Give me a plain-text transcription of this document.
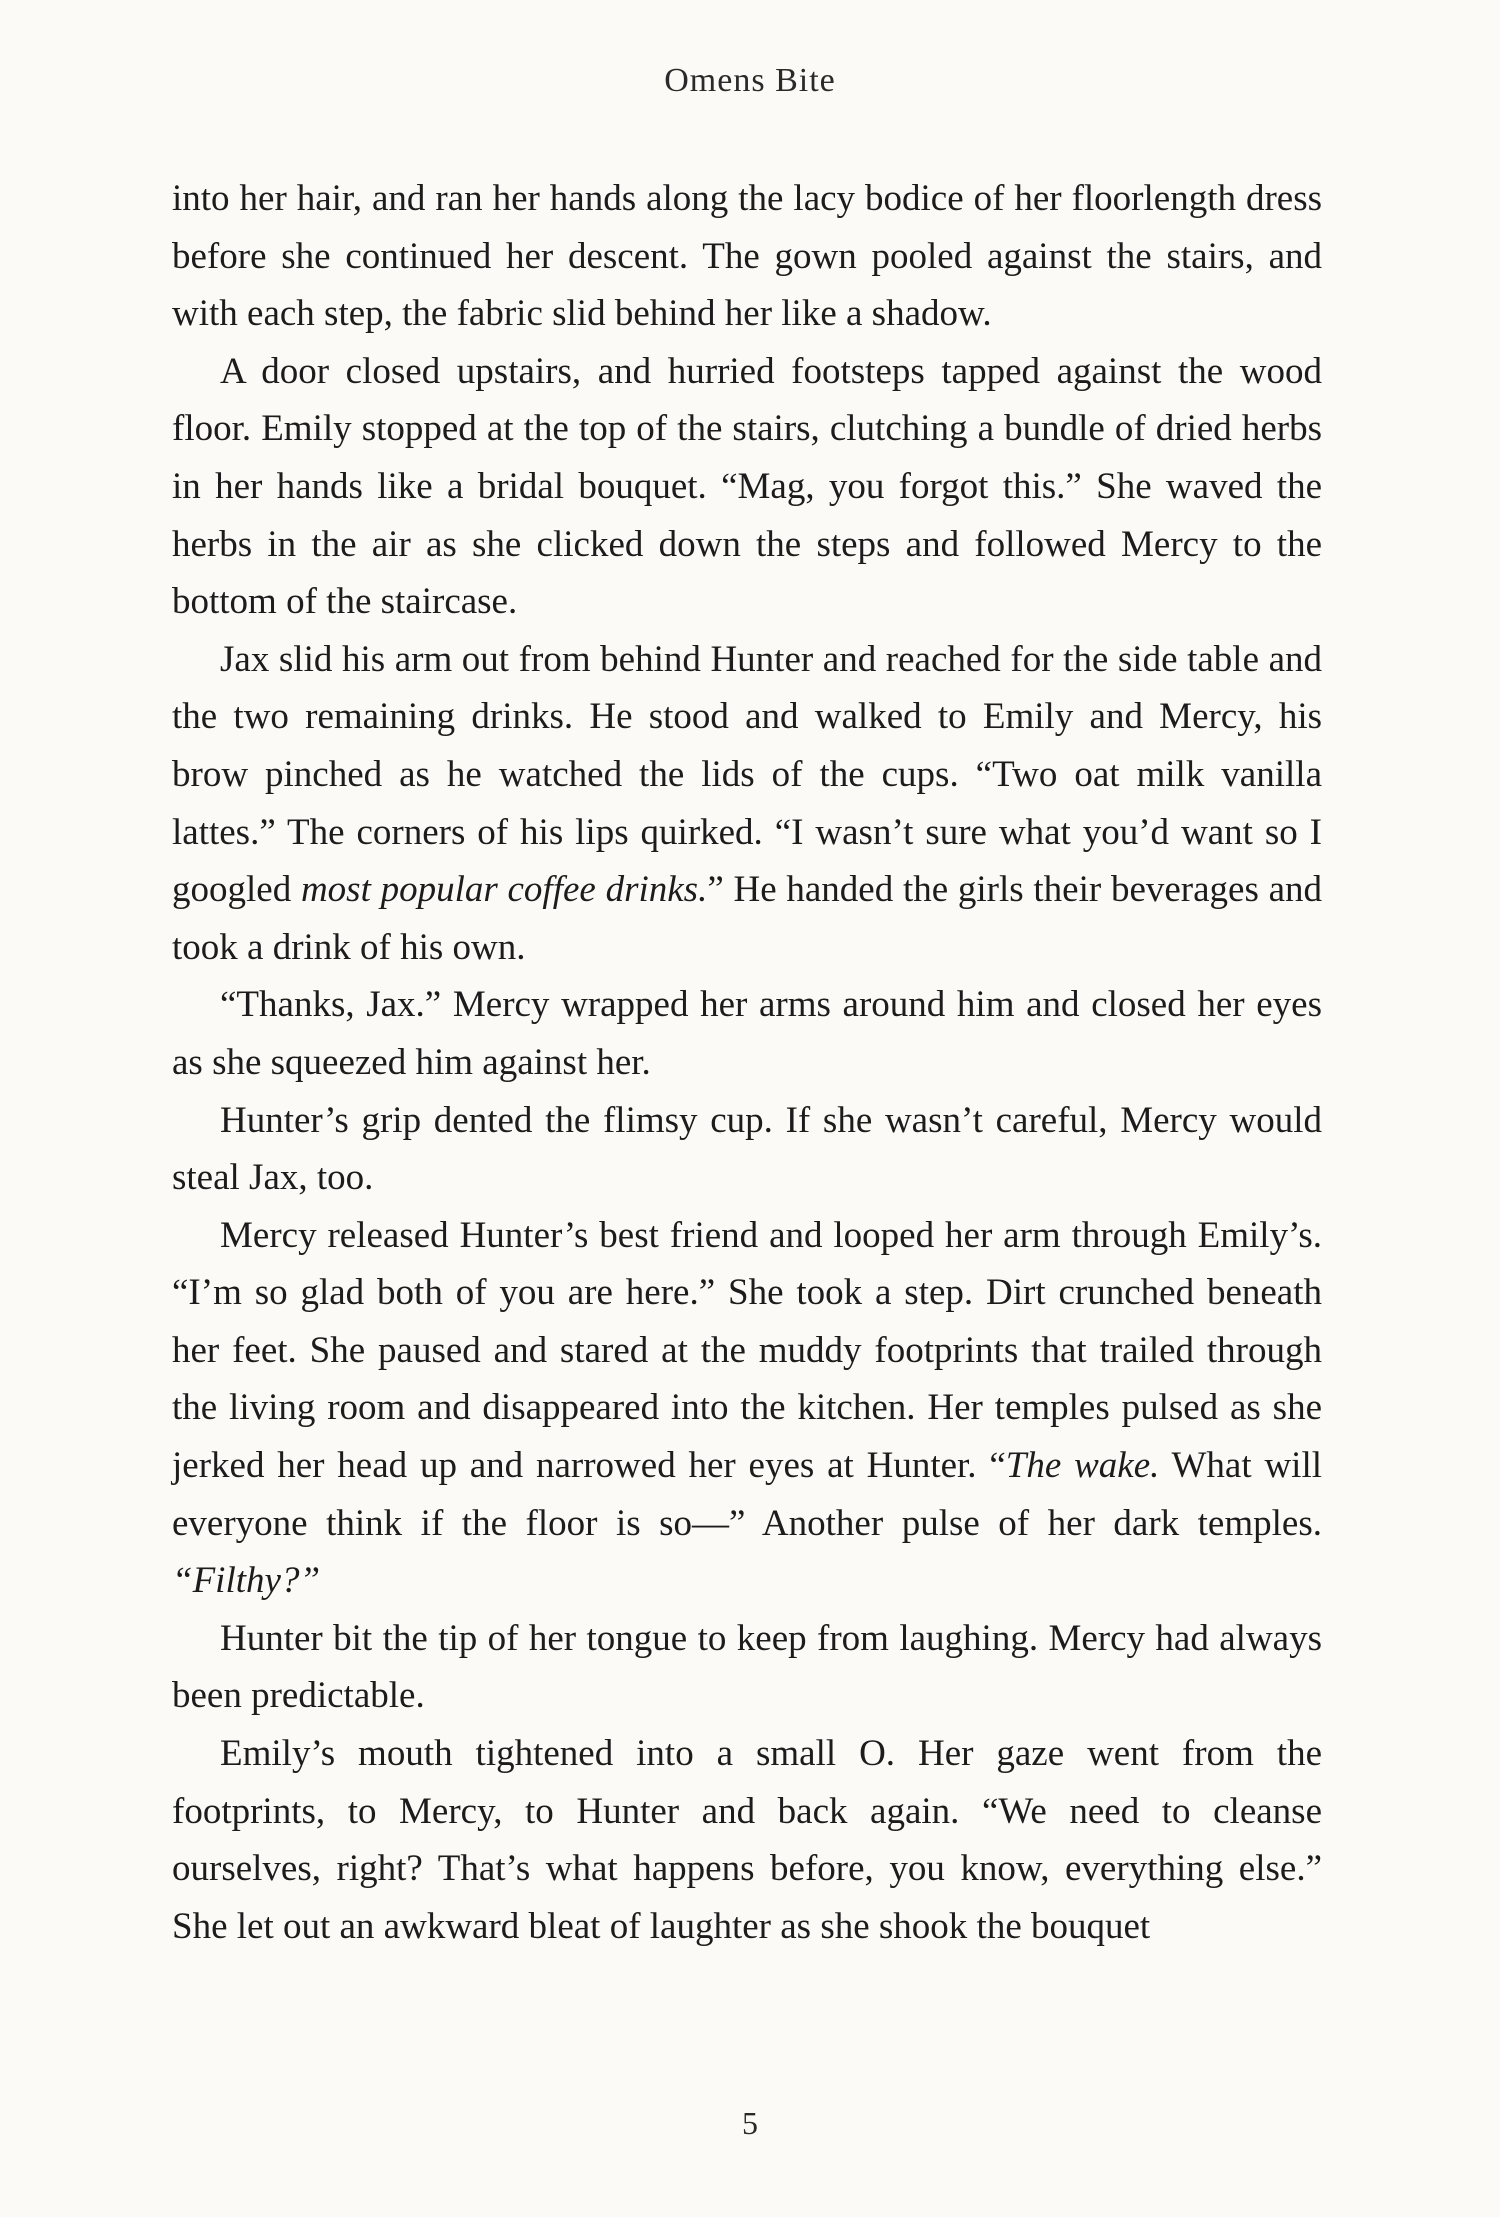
Omens Bite

into her hair, and ran her hands along the lacy bodice of her floorlength dress before she continued her descent. The gown pooled against the stairs, and with each step, the fabric slid behind her like a shadow.

A door closed upstairs, and hurried footsteps tapped against the wood floor. Emily stopped at the top of the stairs, clutching a bundle of dried herbs in her hands like a bridal bouquet. “Mag, you forgot this.” She waved the herbs in the air as she clicked down the steps and followed Mercy to the bottom of the staircase.

Jax slid his arm out from behind Hunter and reached for the side table and the two remaining drinks. He stood and walked to Emily and Mercy, his brow pinched as he watched the lids of the cups. “Two oat milk vanilla lattes.” The corners of his lips quirked. “I wasn’t sure what you’d want so I googled most popular coffee drinks.” He handed the girls their beverages and took a drink of his own.

“Thanks, Jax.” Mercy wrapped her arms around him and closed her eyes as she squeezed him against her.

Hunter’s grip dented the flimsy cup. If she wasn’t careful, Mercy would steal Jax, too.

Mercy released Hunter’s best friend and looped her arm through Emily’s. “I’m so glad both of you are here.” She took a step. Dirt crunched beneath her feet. She paused and stared at the muddy footprints that trailed through the living room and disappeared into the kitchen. Her temples pulsed as she jerked her head up and narrowed her eyes at Hunter. “The wake. What will everyone think if the floor is so—” Another pulse of her dark temples. “Filthy?”

Hunter bit the tip of her tongue to keep from laughing. Mercy had always been predictable.

Emily’s mouth tightened into a small O. Her gaze went from the footprints, to Mercy, to Hunter and back again. “We need to cleanse ourselves, right? That’s what happens before, you know, everything else.” She let out an awkward bleat of laughter as she shook the bouquet

5
